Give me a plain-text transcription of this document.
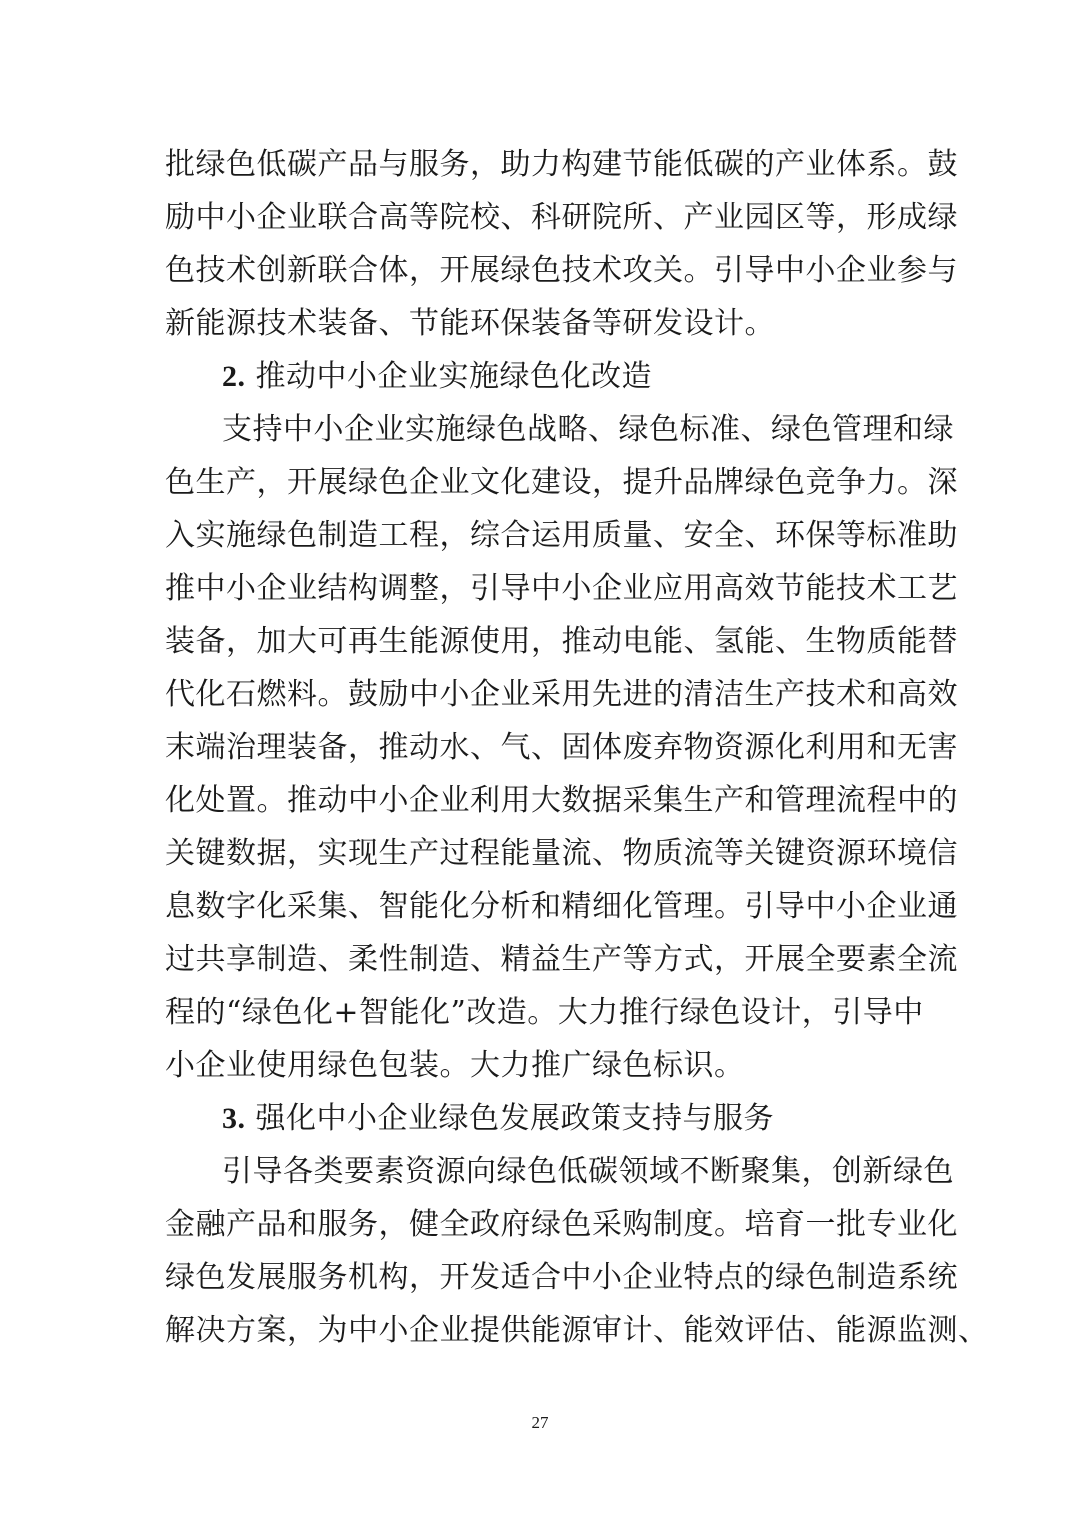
批绿色低碳产品与服务，助力构建节能低碳的产业体系。鼓
励中小企业联合高等院校、科研院所、产业园区等，形成绿
色技术创新联合体，开展绿色技术攻关。引导中小企业参与
新能源技术装备、节能环保装备等研发设计。
2. 推动中小企业实施绿色化改造
支持中小企业实施绿色战略、绿色标准、绿色管理和绿
色生产，开展绿色企业文化建设，提升品牌绿色竞争力。深
入实施绿色制造工程，综合运用质量、安全、环保等标准助
推中小企业结构调整，引导中小企业应用高效节能技术工艺
装备，加大可再生能源使用，推动电能、氢能、生物质能替
代化石燃料。鼓励中小企业采用先进的清洁生产技术和高效
末端治理装备，推动水、气、固体废弃物资源化利用和无害
化处置。推动中小企业利用大数据采集生产和管理流程中的
关键数据，实现生产过程能量流、物质流等关键资源环境信
息数字化采集、智能化分析和精细化管理。引导中小企业通
过共享制造、柔性制造、精益生产等方式，开展全要素全流
程的“绿色化+智能化”改造。大力推行绿色设计，引导中
小企业使用绿色包装。大力推广绿色标识。
3. 强化中小企业绿色发展政策支持与服务
引导各类要素资源向绿色低碳领域不断聚集，创新绿色
金融产品和服务，健全政府绿色采购制度。培育一批专业化
绿色发展服务机构，开发适合中小企业特点的绿色制造系统
解决方案，为中小企业提供能源审计、能效评估、能源监测、
27
